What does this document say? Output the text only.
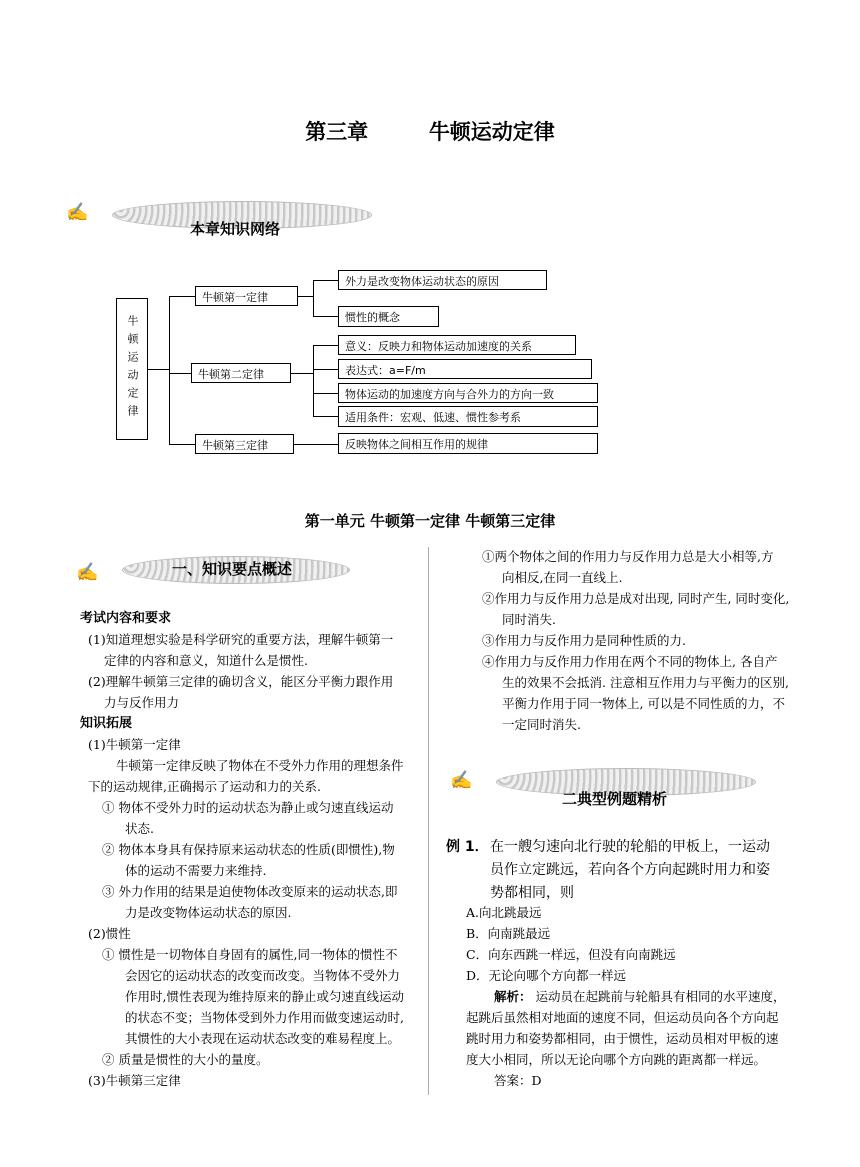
第三章	牛顿运动定律
✍
本章知识网络
牛顿运动定律
牛顿第一定律
牛顿第二定律
牛顿第三定律
外力是改变物体运动状态的原因
惯性的概念
意义：反映力和物体运动加速度的关系
表达式：a=F/m
物体运动的加速度方向与合外力的方向一致
适用条件：宏观、低速、惯性参考系
反映物体之间相互作用的规律
第一单元 牛顿第一定律 牛顿第三定律
✍	一、知识要点概述

考试内容和要求

(1)知道理想实验是科学研究的重要方法，理解牛顿第一

定律的内容和意义，知道什么是惯性.

(2)理解牛顿第三定律的确切含义，能区分平衡力跟作用

力与反作用力

知识拓展

(1)牛顿第一定律

牛顿第一定律反映了物体在不受外力作用的理想条件

下的运动规律,正确揭示了运动和力的关系.

① 物体不受外力时的运动状态为静止或匀速直线运动

状态.

② 物体本身具有保持原来运动状态的性质(即惯性),物

体的运动不需要力来维持.

③ 外力作用的结果是迫使物体改变原来的运动状态,即

力是改变物体运动状态的原因.

(2)惯性

① 惯性是一切物体自身固有的属性,同一物体的惯性不

会因它的运动状态的改变而改变。当物体不受外力

作用时,惯性表现为维持原来的静止或匀速直线运动

的状态不变；当物体受到外力作用而做变速运动时,

其惯性的大小表现在运动状态改变的难易程度上。

② 质量是惯性的大小的量度。

(3)牛顿第三定律

①两个物体之间的作用力与反作用力总是大小相等,方

向相反,在同一直线上.

②作用力与反作用力总是成对出现, 同时产生, 同时变化,

同时消失.

③作用力与反作用力是同种性质的力.

④作用力与反作用力作用在两个不同的物体上, 各自产

生的效果不会抵消. 注意相互作用力与平衡力的区别,

平衡力作用于同一物体上, 可以是不同性质的力，不

一定同时消失.

✍
二典型例题精析
例 1． 在一艘匀速向北行驶的轮船的甲板上，一运动

员作立定跳远，若向各个方向起跳时用力和姿

势都相同，则

A.向北跳最远

B．向南跳最远

C．向东西跳一样远，但没有向南跳远

D．无论向哪个方向都一样远

解析： 运动员在起跳前与轮船具有相同的水平速度，

起跳后虽然相对地面的速度不同，但运动员向各个方向起

跳时用力和姿势都相同，由于惯性，运动员相对甲板的速

度大小相同，所以无论向哪个方向跳的距离都一样远。

答案：D
